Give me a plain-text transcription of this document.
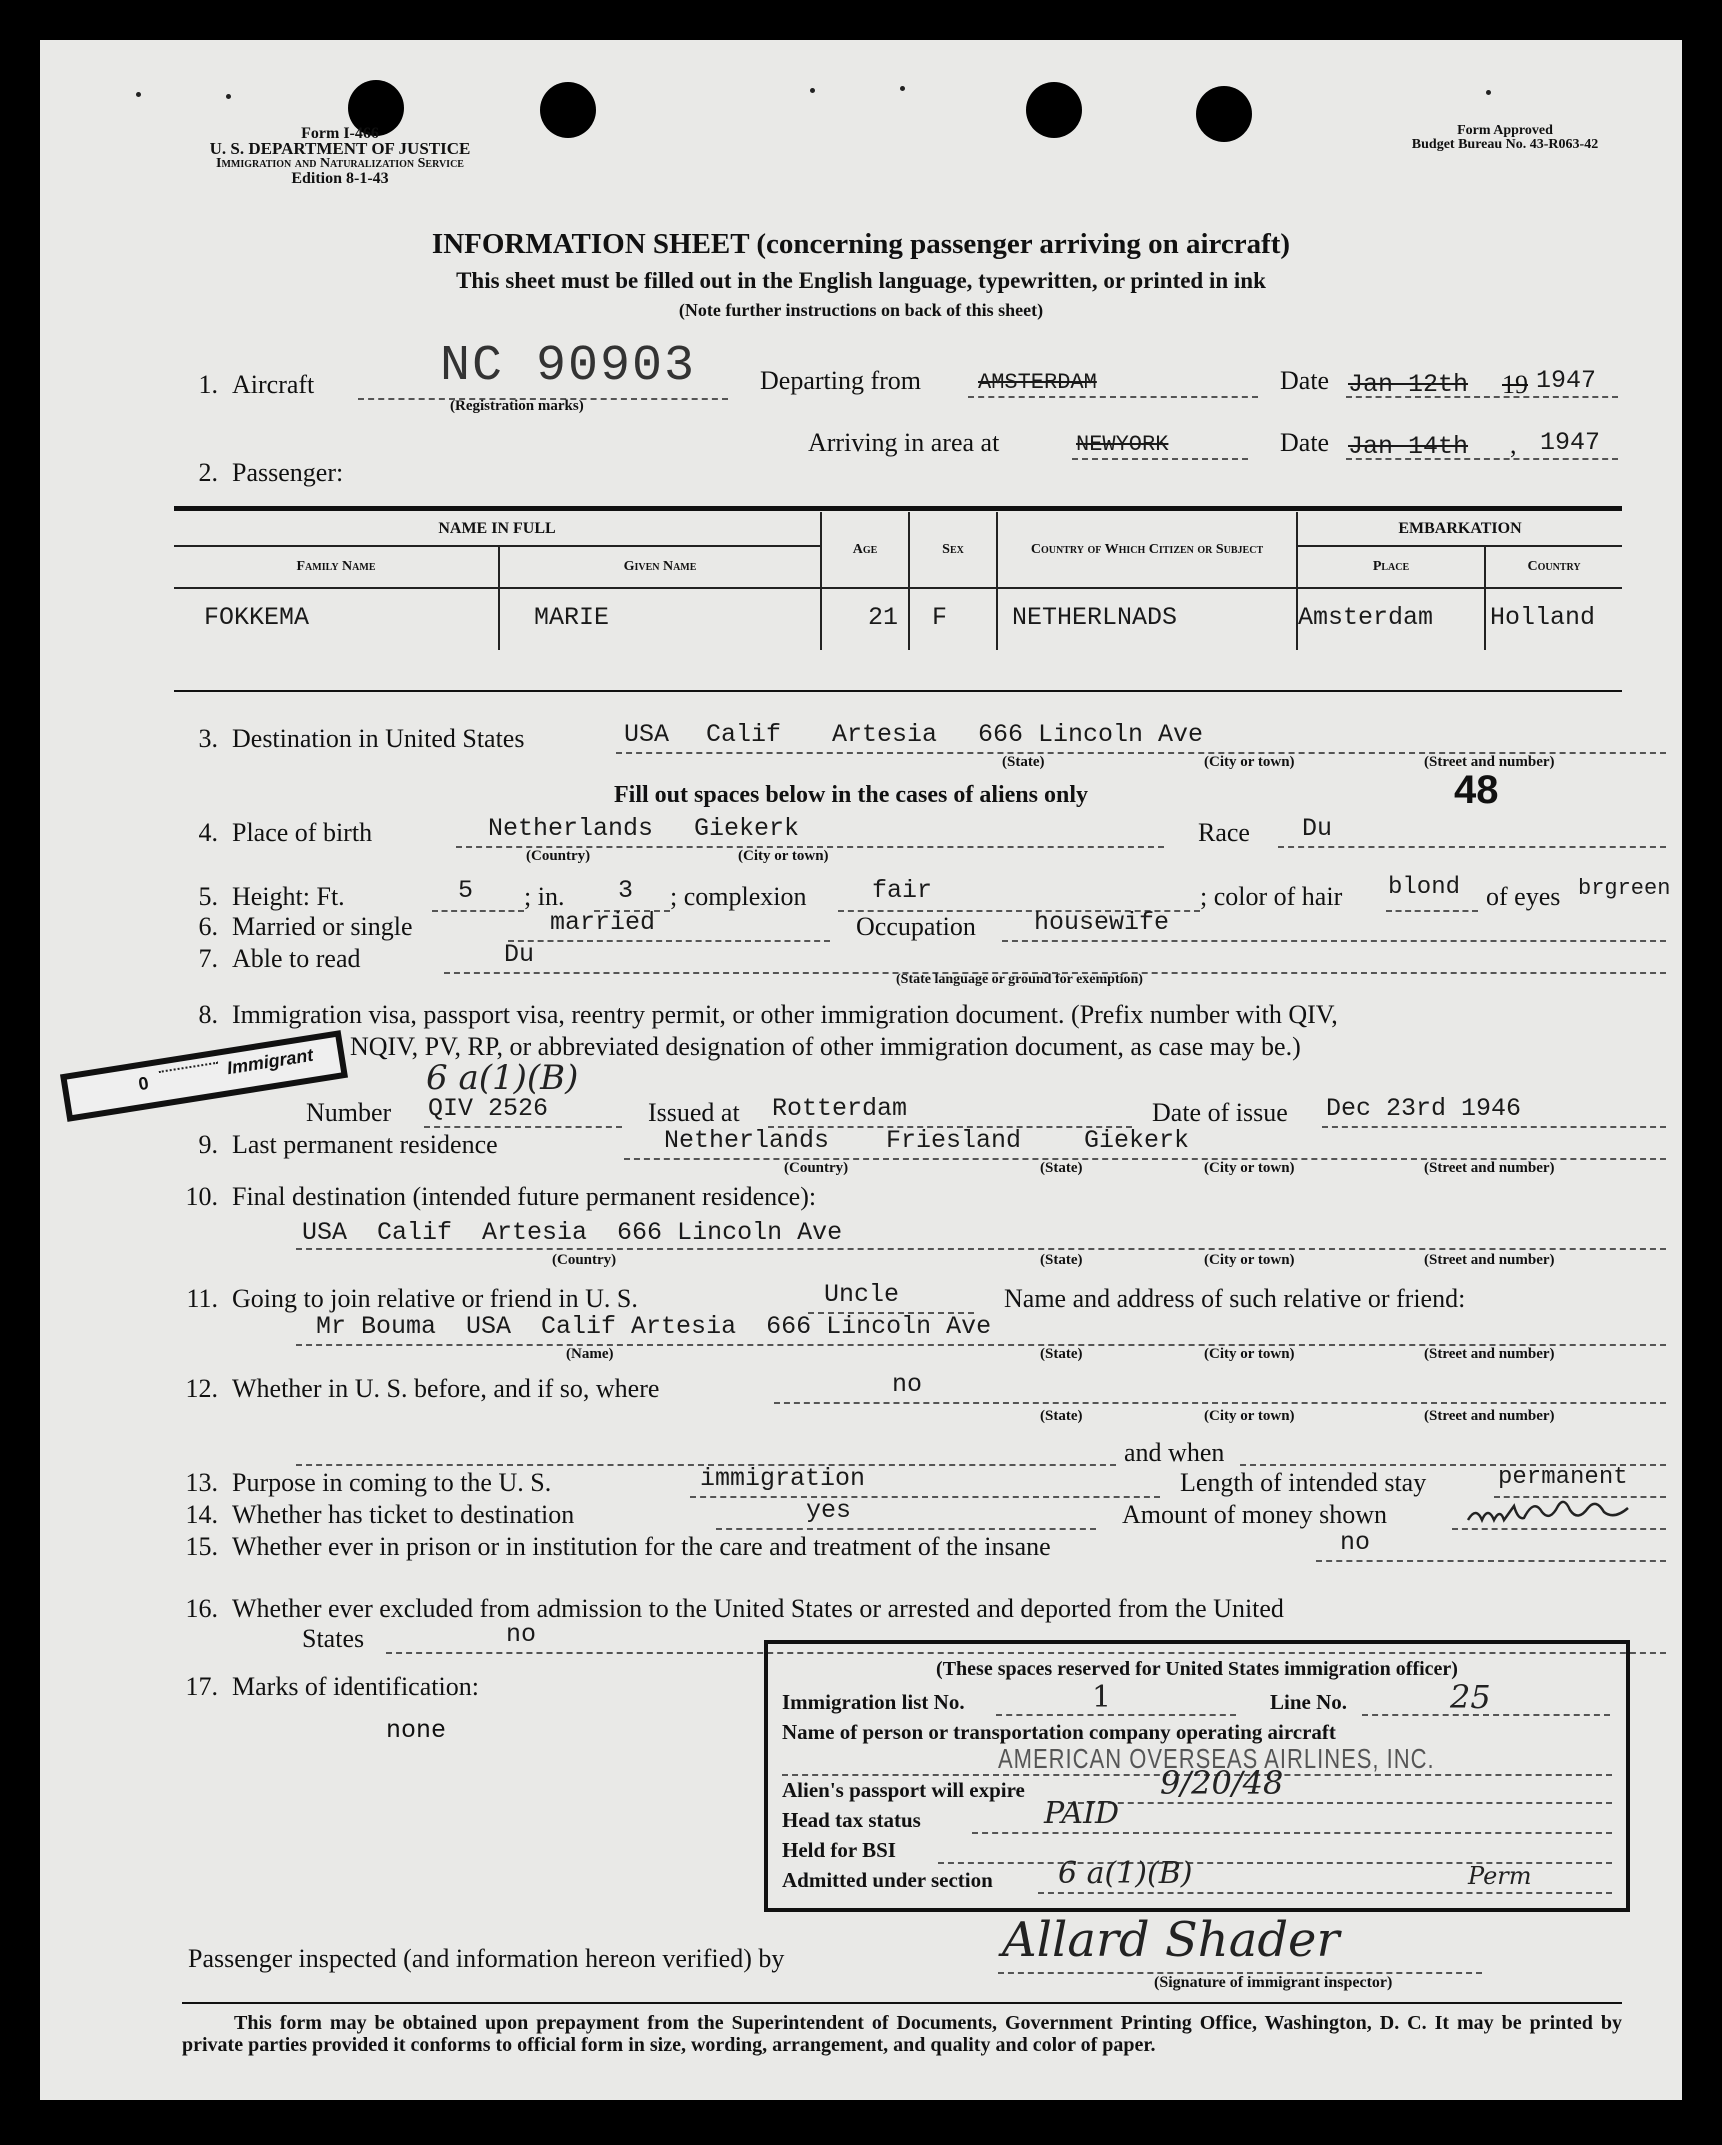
Form I-466
U. S. DEPARTMENT OF JUSTICE
Immigration and Naturalization Service
Edition 8-1-43
Form Approved
Budget Bureau No. 43-R063-42
INFORMATION SHEET (concerning passenger arriving on aircraft)
This sheet must be filled out in the English language, typewritten, or printed in ink
(Note further instructions on back of this sheet)
1. Aircraft	NC 90903
(Registration marks)
Departing from	AMSTERDAM	Date Jan 12th 19 1947
Arriving in area at	NEWYORK	Date Jan 14th , 1947
2. Passenger:
NAME IN FULL		Age	Sex	Country of Which Citizen or Subject	EMBARKATION	
Family Name	Given Name				Place	Country
FOKKEMA	MARIE	21	F	NETHERLNADS	Amsterdam	Holland
3. Destination in United States	USA Calif Artesia 666 Lincoln Ave
(State)	(City or town)	(Street and number)
Fill out spaces below in the cases of aliens only	48
4. Place of birth	Netherlands Giekerk
(Country)	(City or town)
Race Du
5. Height: Ft.	5 ; in. 3 ; complexion	fair	; color of hair blond of eyes brgreen
6. Married or single	married	Occupation housewife
7. Able to read	Du
(State language or ground for exemption)
8. Immigration visa, passport visa, reentry permit, or other immigration document. (Prefix number with QIV,
NQIV, PV, RP, or abbreviated designation of other immigration document, as case may be.)
0
Immigrant	6 a(1)(B)
Number QIV 2526	Issued at Rotterdam	Date of issue Dec 23rd 1946
9. Last permanent residence	Netherlands Friesland	Giekerk
(Country)	(State)	(City or town)	(Street and number)
10. Final destination (intended future permanent residence):
USA  Calif  Artesia  666 Lincoln Ave
(Country)	(State)	(City or town)	(Street and number)
11. Going to join relative or friend in U. S.	Uncle	Name and address of such relative or friend:
Mr Bouma  USA  Calif Artesia  666 Lincoln Ave
(Name)	(State)	(City or town)	(Street and number)
12. Whether in U. S. before, and if so, where	no
(State)	(City or town)	(Street and number)
and when
13. Purpose in coming to the U. S.	immigration	Length of intended stay	permanent
14. Whether has ticket to destination	yes	Amount of money shown
15. Whether ever in prison or in institution for the care and treatment of the insane	no
16. Whether ever excluded from admission to the United States or arrested and deported from the United
States	no
17. Marks of identification:
none
(These spaces reserved for United States immigration officer)
Immigration list No.	1	Line No.	25
Name of person or transportation company operating aircraft
AMERICAN OVERSEAS AIRLINES, INC.
Alien's passport will expire	9/20/48
Head tax status	PAID
Held for BSI
Admitted under section 6 a(1)(B)	Perm
Passenger inspected (and information hereon verified) by	Allard Shader
(Signature of immigrant inspector)
This form may be obtained upon prepayment from the Superintendent of Documents, Government Printing Office, Washington, D. C. It may be printed by private parties provided it conforms to official form in size, wording, arrangement, and quality and color of paper.
